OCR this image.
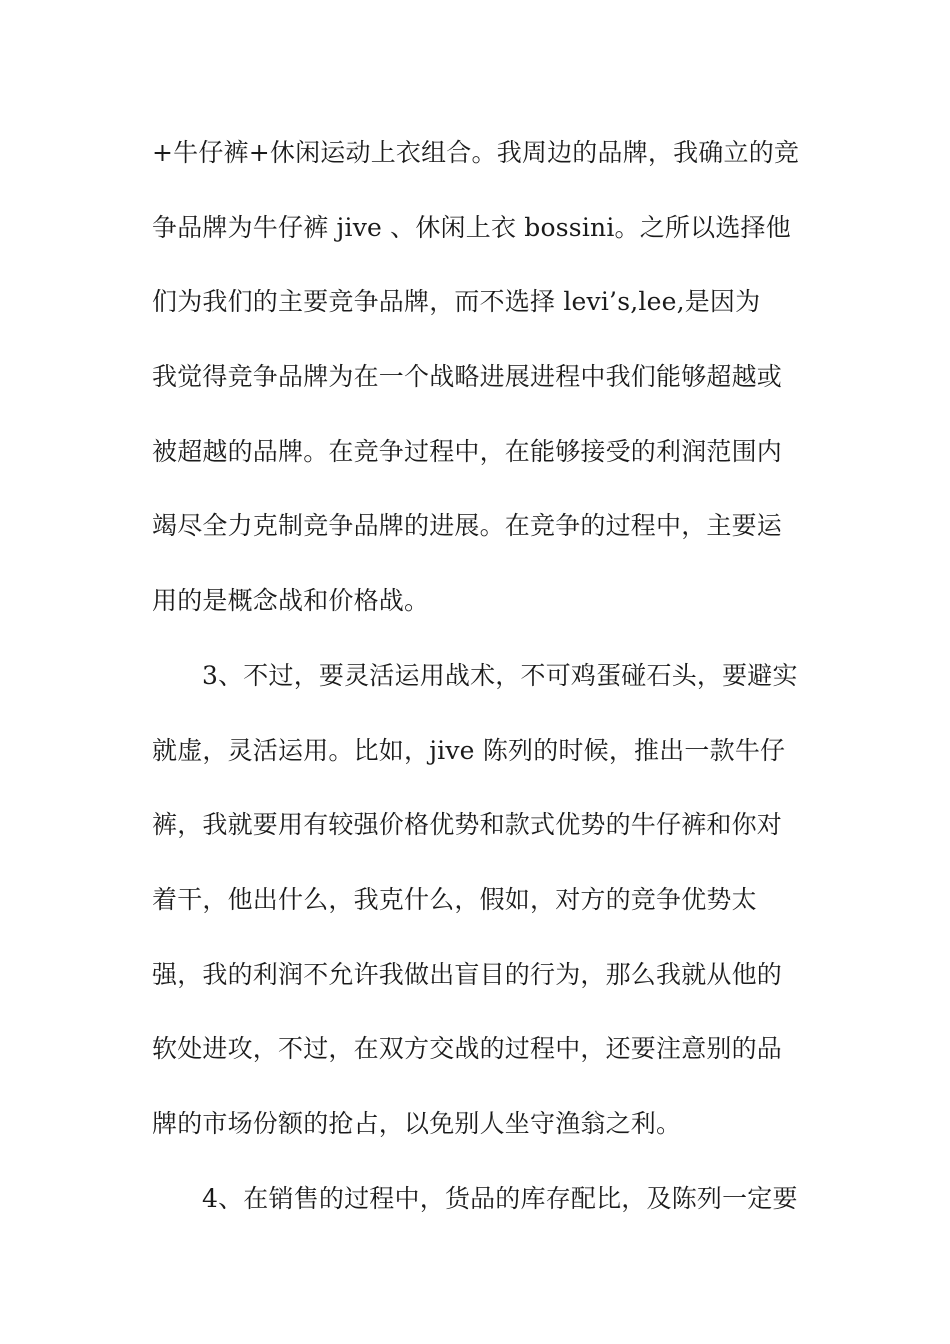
+牛仔裤+休闲运动上衣组合。我周边的品牌，我确立的竞
争品牌为牛仔裤 jive 、休闲上衣 bossini。之所以选择他
们为我们的主要竞争品牌，而不选择 levi’s,lee,是因为
我觉得竞争品牌为在一个战略进展进程中我们能够超越或
被超越的品牌。在竞争过程中，在能够接受的利润范围内
竭尽全力克制竞争品牌的进展。在竞争的过程中，主要运
用的是概念战和价格战。
3、不过，要灵活运用战术，不可鸡蛋碰石头，要避实
就虚，灵活运用。比如，jive 陈列的时候，推出一款牛仔
裤，我就要用有较强价格优势和款式优势的牛仔裤和你对
着干，他出什么，我克什么，假如，对方的竞争优势太
强，我的利润不允许我做出盲目的行为，那么我就从他的
软处进攻，不过，在双方交战的过程中，还要注意别的品
牌的市场份额的抢占，以免别人坐守渔翁之利。
4、在销售的过程中，货品的库存配比，及陈列一定要
